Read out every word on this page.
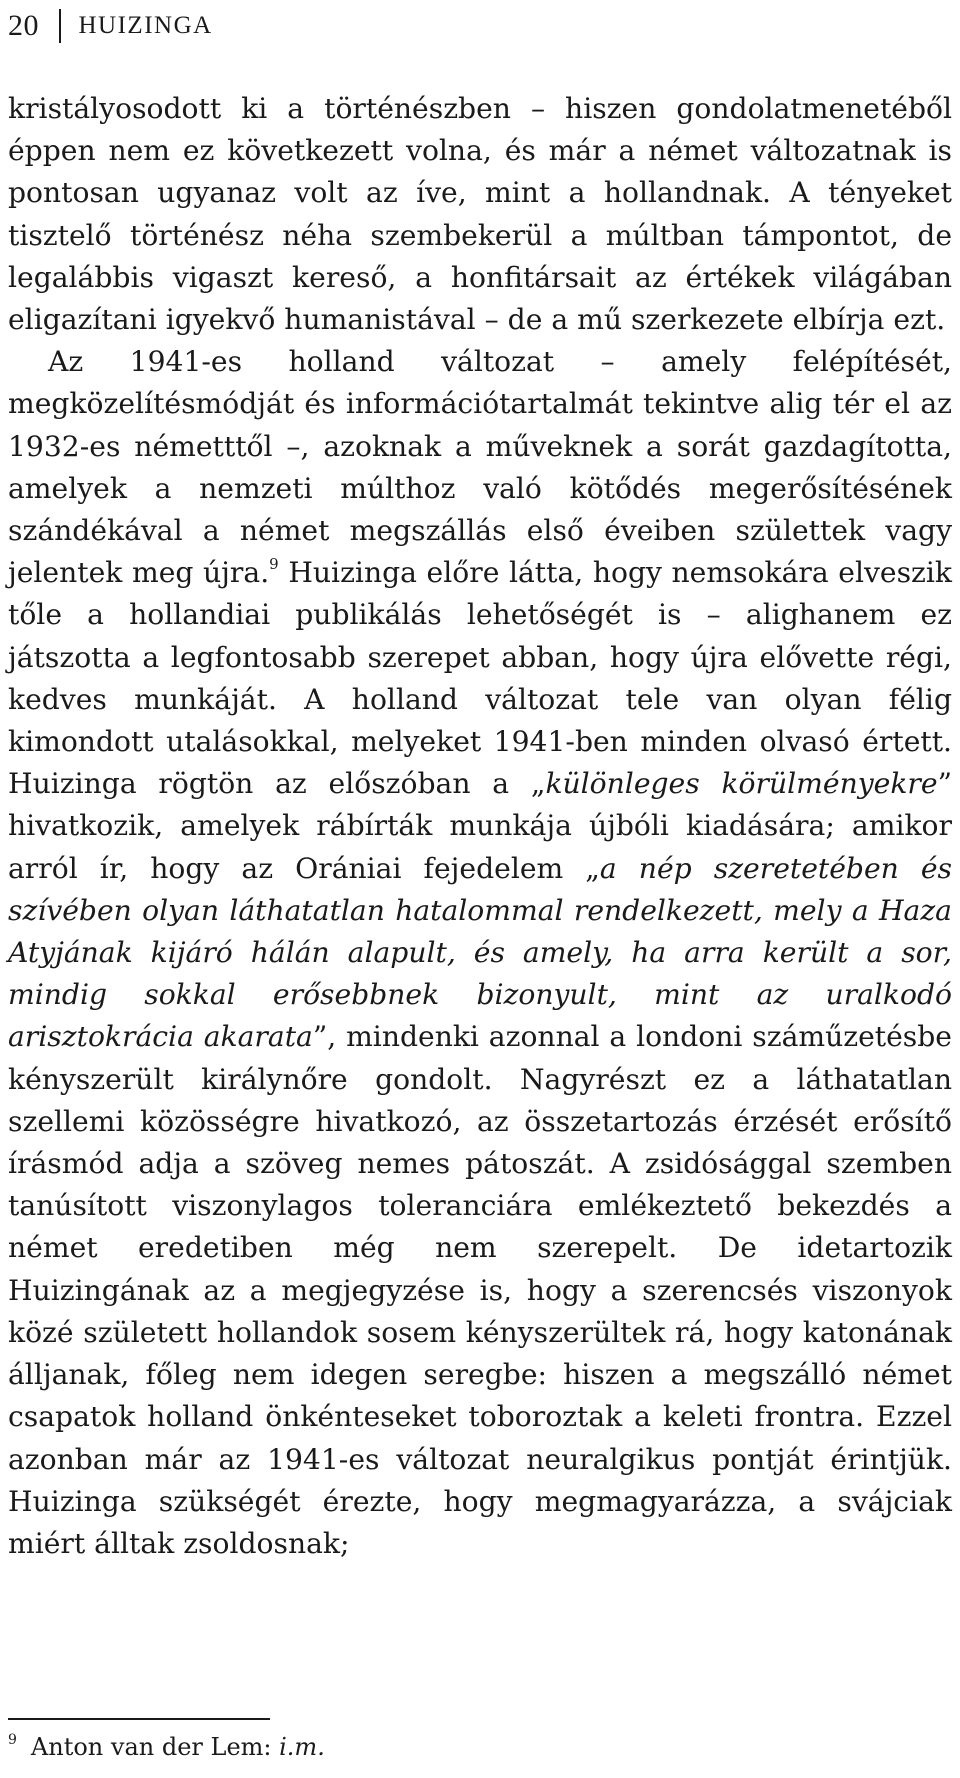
20 HUIZINGA

kristályosodott ki a történészben – hiszen gondolatmenetéből éppen nem ez következett volna, és már a német változatnak is pontosan ugyanaz volt az íve, mint a hollandnak. A tényeket tisztelő történész néha szembekerül a múltban támpontot, de legalábbis vigaszt kereső, a honfitársait az értékek világában eligazítani igyekvő humanistával – de a mű szerkezete elbírja ezt.

Az 1941-es holland változat – amely felépítését, megközelítésmódját és információtartalmát tekintve alig tér el az 1932-es németttől –, azoknak a műveknek a sorát gazdagította, amelyek a nemzeti múlthoz való kötődés megerősítésének szándékával a német megszállás első éveiben születtek vagy jelentek meg újra.$^9$ Huizinga előre látta, hogy nemsokára elveszik tőle a hollandiai publikálás lehetőségét is – alighanem ez játszotta a legfontosabb szerepet abban, hogy újra elővette régi, kedves munkáját. A holland változat tele van olyan félig kimondott utalásokkal, melyeket 1941-ben minden olvasó értett. Huizinga rögtön az előszóban a „különleges körülményekre” hivatkozik, amelyek rábírták munkája újbóli kiadására; amikor arról ír, hogy az Orániai fejedelem „a nép szeretetében és szívében olyan láthatatlan hatalommal rendelkezett, mely a Haza Atyjának kijáró hálán alapult, és amely, ha arra került a sor, mindig sokkal erősebbnek bizonyult, mint az uralkodó arisztokrácia akarata”, mindenki azonnal a londoni száműzetésbe kényszerült királynőre gondolt. Nagyrészt ez a láthatatlan szellemi közösségre hivatkozó, az összetartozás érzését erősítő írásmód adja a szöveg nemes pátoszát. A zsidósággal szemben tanúsított viszonylagos toleranciára emlékeztető bekezdés a német eredetiben még nem szerepelt. De idetartozik Huizingának az a megjegyzése is, hogy a szerencsés viszonyok közé született hollandok sosem kényszerültek rá, hogy katonának álljanak, főleg nem idegen seregbe: hiszen a megszálló német csapatok holland önkénteseket toboroztak a keleti frontra. Ezzel azonban már az 1941-es változat neuralgikus pontját érintjük. Huizinga szükségét érezte, hogy megmagyarázza, a svájciak miért álltak zsoldosnak;

$^9$ Anton van der Lem: i.m.
